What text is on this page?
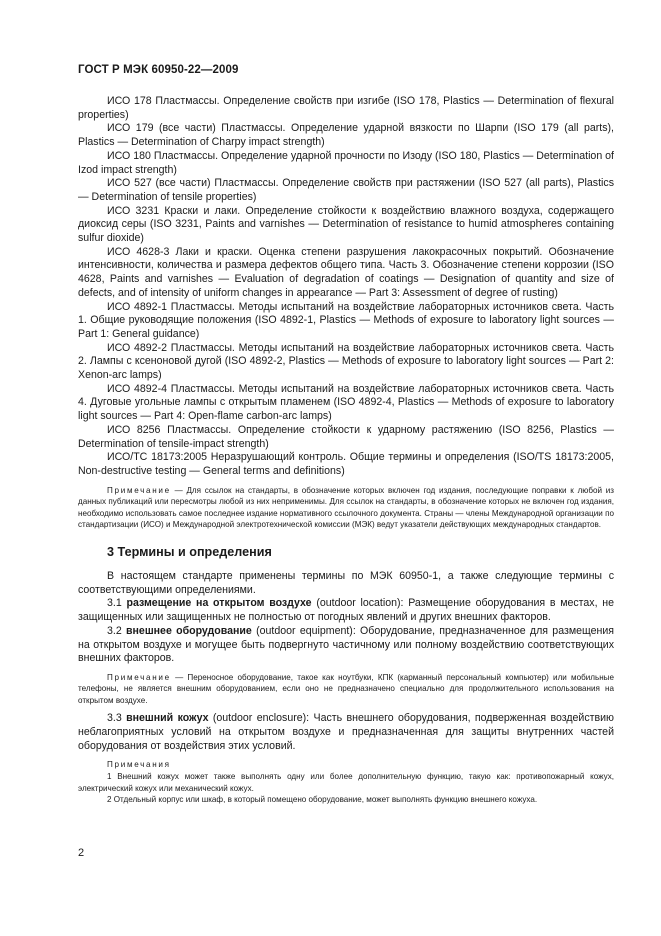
ГОСТ Р МЭК 60950-22—2009

ИСО 178 Пластмассы. Определение свойств при изгибе (ISO 178, Plastics — Determination of flexural properties)

ИСО 179 (все части) Пластмассы. Определение ударной вязкости по Шарпи (ISO 179 (all parts), Plastics — Determination of Charpy impact strength)

ИСО 180 Пластмассы. Определение ударной прочности по Изоду (ISO 180, Plastics — Determination of Izod impact strength)

ИСО 527 (все части) Пластмассы. Определение свойств при растяжении (ISO 527 (all parts), Plastics — Determination of tensile properties)

ИСО 3231 Краски и лаки. Определение стойкости к воздействию влажного воздуха, содержащего диоксид серы (ISO 3231, Paints and varnishes — Determination of resistance to humid atmospheres containing sulfur dioxide)

ИСО 4628-3 Лаки и краски. Оценка степени разрушения лакокрасочных покрытий. Обозначение интенсивности, количества и размера дефектов общего типа. Часть 3. Обозначение степени коррозии (ISO 4628, Paints and varnishes — Evaluation of degradation of coatings — Designation of quantity and size of defects, and of intensity of uniform changes in appearance — Part 3: Assessment of degree of rusting)

ИСО 4892-1 Пластмассы. Методы испытаний на воздействие лабораторных источников света. Часть 1. Общие руководящие положения (ISO 4892-1, Plastics — Methods of exposure to laboratory light sources — Part 1: General guidance)

ИСО 4892-2 Пластмассы. Методы испытаний на воздействие лабораторных источников света. Часть 2. Лампы с ксеноновой дугой (ISO 4892-2, Plastics — Methods of exposure to laboratory light sources — Part 2: Xenon-arc lamps)

ИСО 4892-4 Пластмассы. Методы испытаний на воздействие лабораторных источников света. Часть 4. Дуговые угольные лампы с открытым пламенем (ISO 4892-4, Plastics — Methods of exposure to laboratory light sources — Part 4: Open-flame carbon-arc lamps)

ИСО 8256 Пластмассы. Определение стойкости к ударному растяжению (ISO 8256, Plastics — Determination of tensile-impact strength)

ИСО/ТС 18173:2005 Неразрушающий контроль. Общие термины и определения (ISO/TS 18173:2005, Non-destructive testing — General terms and definitions)

Примечание — Для ссылок на стандарты, в обозначение которых включен год издания, последующие поправки к любой из данных публикаций или пересмотры любой из них неприменимы. Для ссылок на стандарты, в обозначение которых не включен год издания, необходимо использовать самое последнее издание нормативного ссылочного документа. Страны — члены Международной организации по стандартизации (ИСО) и Международной электротехнической комиссии (МЭК) ведут указатели действующих международных стандартов.

3 Термины и определения

В настоящем стандарте применены термины по МЭК 60950-1, а также следующие термины с соответствующими определениями.

3.1 размещение на открытом воздухе (outdoor location): Размещение оборудования в местах, не защищенных или защищенных не полностью от погодных явлений и других внешних факторов.

3.2 внешнее оборудование (outdoor equipment): Оборудование, предназначенное для размещения на открытом воздухе и могущее быть подвергнуто частичному или полному воздействию соответствующих внешних факторов.

Примечание — Переносное оборудование, такое как ноутбуки, КПК (карманный персональный компьютер) или мобильные телефоны, не является внешним оборудованием, если оно не предназначено специально для продолжительного использования на открытом воздухе.

3.3 внешний кожух (outdoor enclosure): Часть внешнего оборудования, подверженная воздействию неблагоприятных условий на открытом воздухе и предназначенная для защиты внутренних частей оборудования от воздействия этих условий.

Примечания

1 Внешний кожух может также выполнять одну или более дополнительную функцию, такую как: противопожарный кожух, электрический кожух или механический кожух.

2 Отдельный корпус или шкаф, в который помещено оборудование, может выполнять функцию внешнего кожуха.

2
